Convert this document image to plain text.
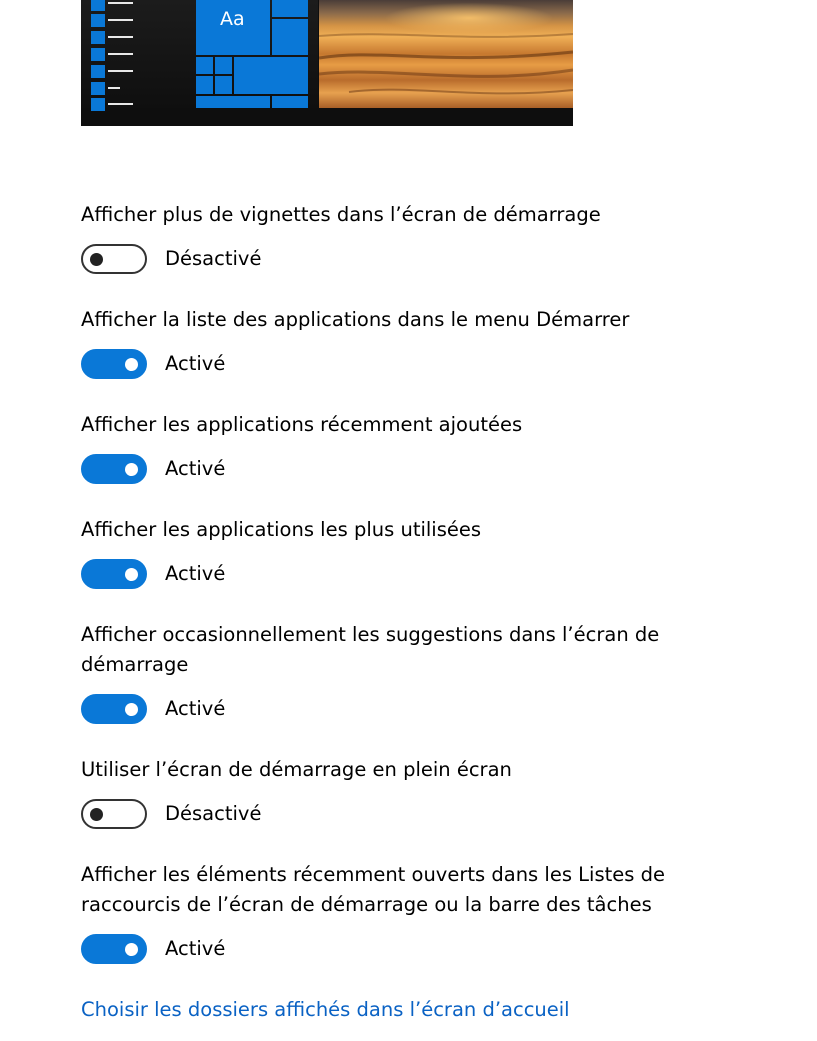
Aa
Afficher plus de vignettes dans l’écran de démarrage
Désactivé
Afficher la liste des applications dans le menu Démarrer
Activé
Afficher les applications récemment ajoutées
Activé
Afficher les applications les plus utilisées
Activé
Afficher occasionnellement les suggestions dans l’écran de démarrage
Activé
Utiliser l’écran de démarrage en plein écran
Désactivé
Afficher les éléments récemment ouverts dans les Listes de raccourcis de l’écran de démarrage ou la barre des tâches
Activé
Choisir les dossiers affichés dans l’écran d’accueil
